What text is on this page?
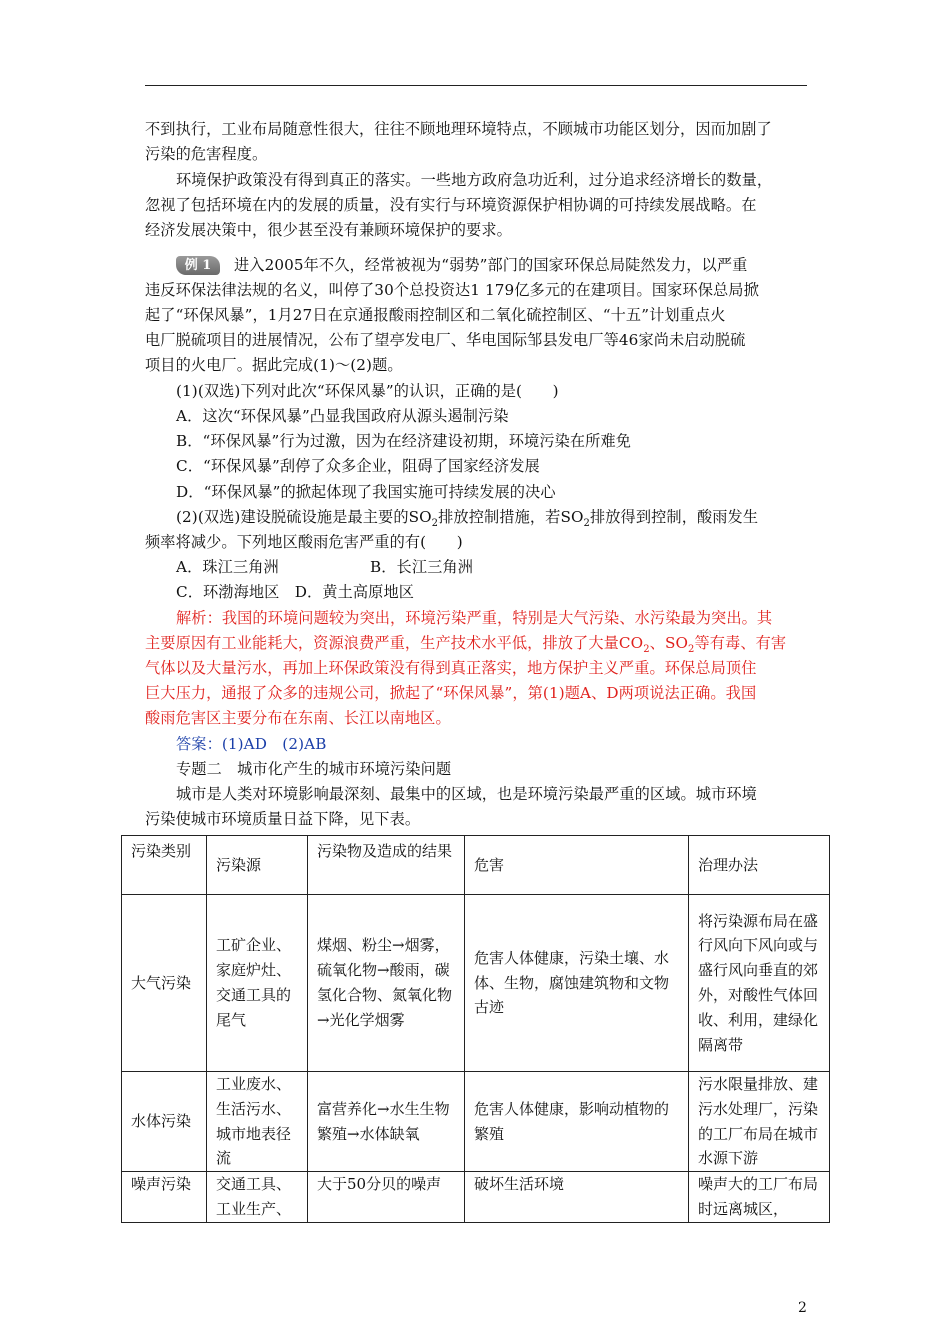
不到执行，工业布局随意性很大，往往不顾地理环境特点，不顾城市功能区划分，因而加剧了
污染的危害程度。
环境保护政策没有得到真正的落实。一些地方政府急功近利，过分追求经济增长的数量，
忽视了包括环境在内的发展的质量，没有实行与环境资源保护相协调的可持续发展战略。在
经济发展决策中，很少甚至没有兼顾环境保护的要求。
例 1	进入2005年不久，经常被视为“弱势”部门的国家环保总局陡然发力，以严重
违反环保法律法规的名义，叫停了30个总投资达1 179亿多元的在建项目。国家环保总局掀
起了“环保风暴”，1月27日在京通报酸雨控制区和二氧化硫控制区、“十五”计划重点火
电厂脱硫项目的进展情况，公布了望亭发电厂、华电国际邹县发电厂等46家尚未启动脱硫
项目的火电厂。据此完成(1)～(2)题。
(1)(双选)下列对此次“环保风暴”的认识，正确的是(　　)
A．这次“环保风暴”凸显我国政府从源头遏制污染
B．“环保风暴”行为过激，因为在经济建设初期，环境污染在所难免
C．“环保风暴”刮停了众多企业，阻碍了国家经济发展
D．“环保风暴”的掀起体现了我国实施可持续发展的决心
(2)(双选)建设脱硫设施是最主要的$SO_2$排放控制措施，若$SO_2$排放得到控制，酸雨发生
频率将减少。下列地区酸雨危害严重的有(　　)
A．珠江三角洲	B．长江三角洲
C．环渤海地区　D．黄土高原地区
解析：我国的环境问题较为突出，环境污染严重，特别是大气污染、水污染最为突出。其
主要原因有工业能耗大，资源浪费严重，生产技术水平低，排放了大量$CO_2$、$SO_2$等有毒、有害
气体以及大量污水，再加上环保政策没有得到真正落实，地方保护主义严重。环保总局顶住
巨大压力，通报了众多的违规公司，掀起了“环保风暴”，第(1)题A、D两项说法正确。我国
酸雨危害区主要分布在东南、长江以南地区。
答案：(1)AD　(2)AB
专题二　城市化产生的城市环境污染问题
城市是人类对环境影响最深刻、最集中的区域，也是环境污染最严重的区域。城市环境
污染使城市环境质量日益下降，见下表。
污染类别	污染源	污染物及造成的结果	危害	治理办法
大气污染	工矿企业、家庭炉灶、交通工具的尾气	煤烟、粉尘→烟雾，硫氧化物→酸雨，碳氢化合物、氮氧化物→光化学烟雾	危害人体健康，污染土壤、水体、生物，腐蚀建筑物和文物古迹	将污染源布局在盛行风向下风向或与盛行风向垂直的郊外，对酸性气体回收、利用，建绿化隔离带
水体污染	工业废水、生活污水、城市地表径流	富营养化→水生生物繁殖→水体缺氧	危害人体健康，影响动植物的繁殖	污水限量排放、建污水处理厂，污染的工厂布局在城市水源下游
噪声污染	交通工具、工业生产、	大于50分贝的噪声	破坏生活环境	噪声大的工厂布局时远离城区，
2
